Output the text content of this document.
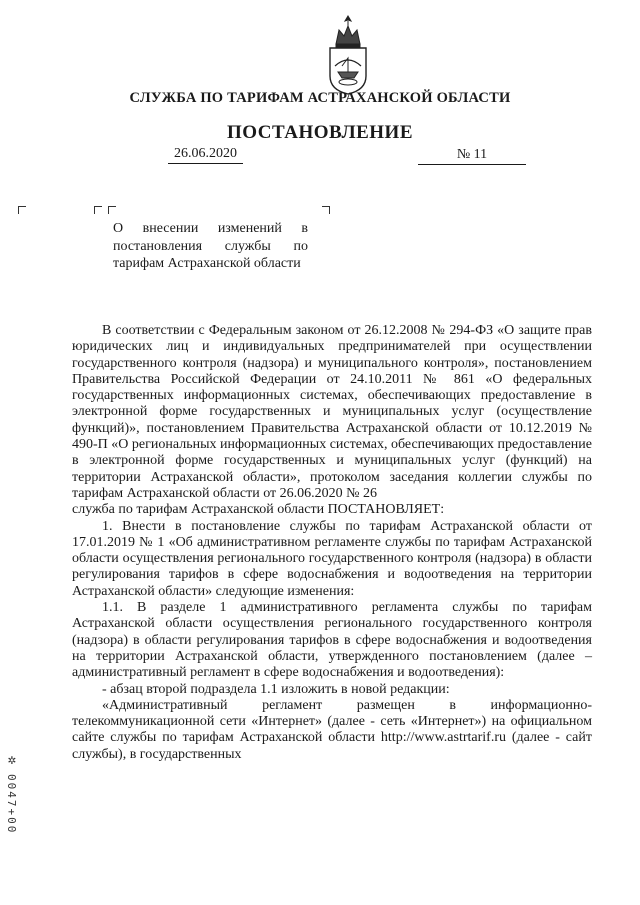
СЛУЖБА ПО ТАРИФАМ АСТРАХАНСКОЙ ОБЛАСТИ
ПОСТАНОВЛЕНИЕ
26.06.2020	№ 11
О внесении изменений в постановления службы по тарифам Астраханской области

В соответствии с Федеральным законом от 26.12.2008 № 294-ФЗ «О защите прав юридических лиц и индивидуальных предпринимателей при осуществлении государственного контроля (надзора) и муниципального контроля», постановлением Правительства Российской Федерации от 24.10.2011 № 861 «О федеральных государственных информационных системах, обеспечивающих предоставление в электронной форме государственных и муниципальных услуг (осуществление функций)», постановлением Правительства Астраханской области от 10.12.2019 № 490-П «О региональных информационных системах, обеспечивающих предоставление в электронной форме государственных и муниципальных услуг (функций) на территории Астраханской области», протоколом заседания коллегии службы по тарифам Астраханской области от 26.06.2020 № 26

службa по тарифам Астраханской области ПОСТАНОВЛЯЕТ:

1. Внести в постановление службы по тарифам Астраханской области от 17.01.2019 № 1 «Об административном регламенте службы по тарифам Астраханской области осуществления регионального государственного контроля (надзора) в области регулирования тарифов в сфере водоснабжения и водоотведения на территории Астраханской области» следующие изменения:

1.1. В разделе 1 административного регламента службы по тарифам Астраханской области осуществления регионального государственного контроля (надзора) в области регулирования тарифов в сфере водоснабжения и водоотведения на территории Астраханской области, утвержденного постановлением (далее – административный регламент в сфере водоснабжения и водоотведения):

- абзац второй подраздела 1.1 изложить в новой редакции:

«Административный регламент размещен в информационно-телекоммуникационной сети «Интернет» (далее - сеть «Интернет») на официальном сайте службы по тарифам Астраханской области http://www.astrtarif.ru (далее - сайт службы), в государственных

✲
0047+00
